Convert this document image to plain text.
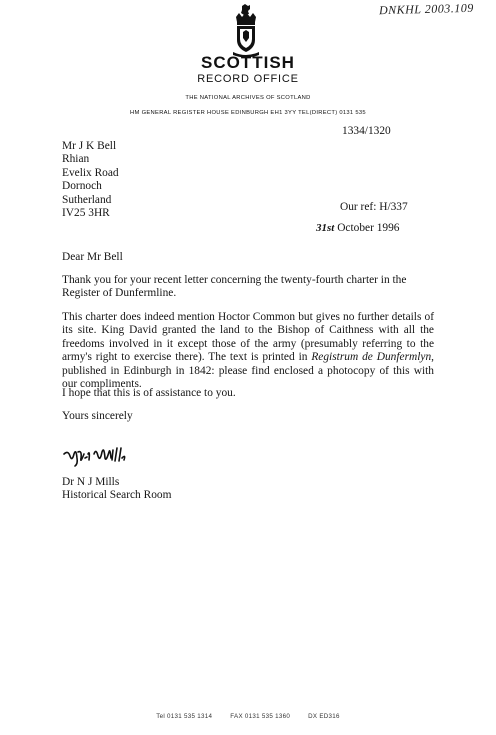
DNKHL 2003.109
SCOTTISH
RECORD OFFICE
THE NATIONAL ARCHIVES OF SCOTLAND
HM GENERAL REGISTER HOUSE EDINBURGH EH1 3YY TEL(DIRECT) 0131 535
1334/1320
Mr J K Bell
Rhian
Evelix Road
Dornoch
Sutherland
IV25 3HR	Our ref: H/337
31st October 1996
Dear Mr Bell
Thank you for your recent letter concerning the twenty-fourth charter in the Register of Dunfermline.
This charter does indeed mention Hoctor Common but gives no further details of its site. King David granted the land to the Bishop of Caithness with all the freedoms involved in it except those of the army (presumably referring to the army's right to exercise there). The text is printed in Registrum de Dunfermlyn, published in Edinburgh in 1842: please find enclosed a photocopy of this with our compliments.
I hope that this is of assistance to you.
Yours sincerely
Dr N J Mills
Historical Search Room
Tel 0131 535 1314	FAX 0131 535 1360	DX ED316
